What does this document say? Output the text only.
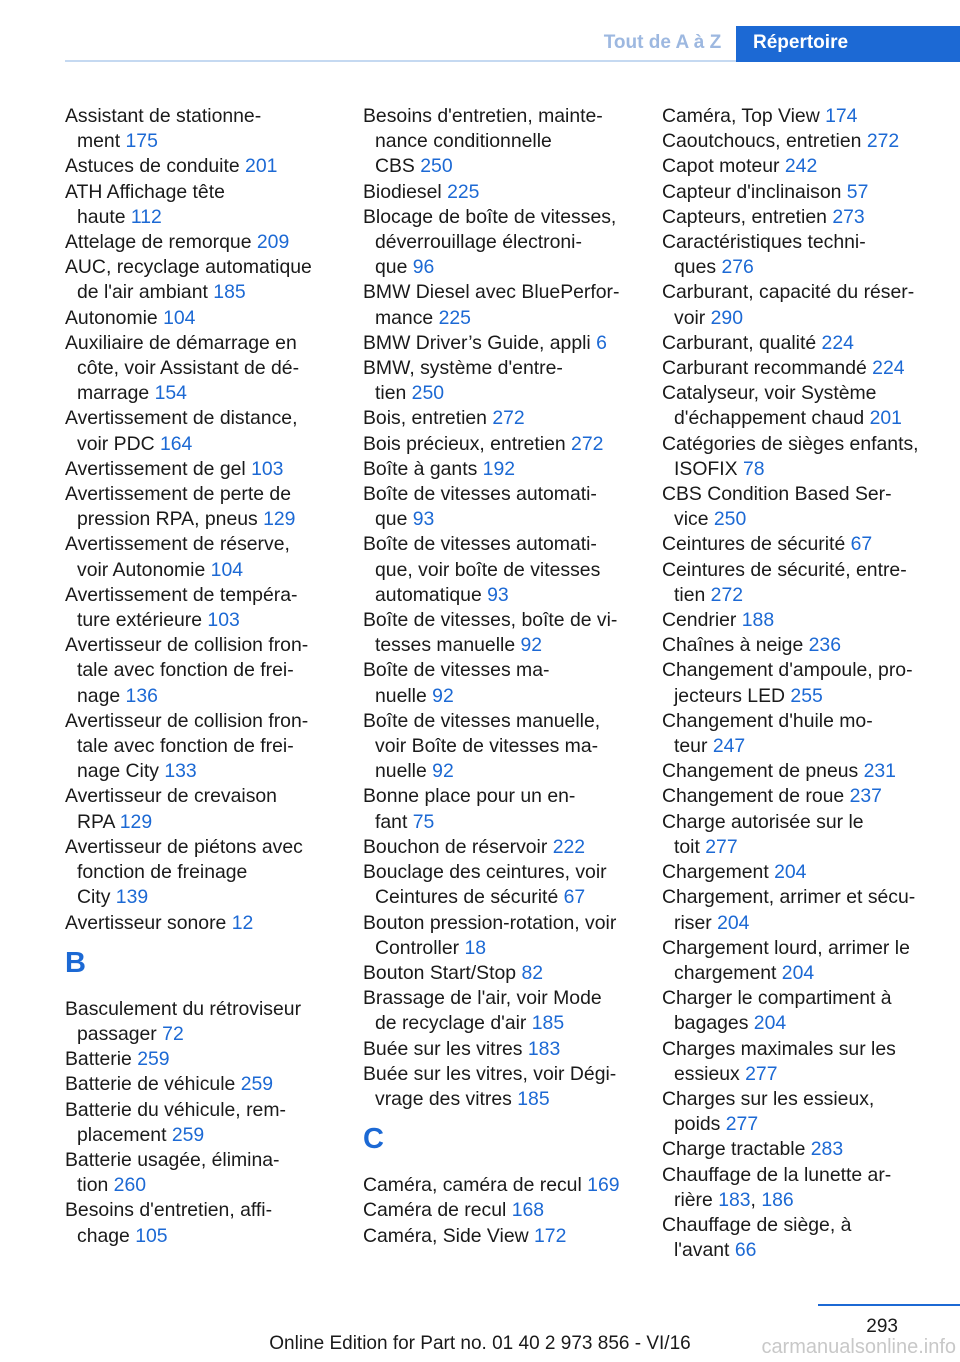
Tout de A à Z	Répertoire
Assistant de stationne-
ment 175
Astuces de conduite 201
ATH Affichage tête
haute 112
Attelage de remorque 209
AUC, recyclage automatique
de l'air ambiant 185
Autonomie 104
Auxiliaire de démarrage en
côte, voir Assistant de dé-
marrage 154
Avertissement de distance,
voir PDC 164
Avertissement de gel 103
Avertissement de perte de
pression RPA, pneus 129
Avertissement de réserve,
voir Autonomie 104
Avertissement de tempéra-
ture extérieure 103
Avertisseur de collision fron-
tale avec fonction de frei-
nage 136
Avertisseur de collision fron-
tale avec fonction de frei-
nage City 133
Avertisseur de crevaison
RPA 129
Avertisseur de piétons avec
fonction de freinage
City 139
Avertisseur sonore 12
B
Basculement du rétroviseur
passager 72
Batterie 259
Batterie de véhicule 259
Batterie du véhicule, rem-
placement 259
Batterie usagée, élimina-
tion 260
Besoins d'entretien, affi-
chage 105
Besoins d'entretien, mainte-
nance conditionnelle
CBS 250
Biodiesel 225
Blocage de boîte de vitesses,
déverrouillage électroni-
que 96
BMW Diesel avec BluePerfor-
mance 225
BMW Driver’s Guide, appli 6
BMW, système d'entre-
tien 250
Bois, entretien 272
Bois précieux, entretien 272
Boîte à gants 192
Boîte de vitesses automati-
que 93
Boîte de vitesses automati-
que, voir boîte de vitesses
automatique 93
Boîte de vitesses, boîte de vi-
tesses manuelle 92
Boîte de vitesses ma-
nuelle 92
Boîte de vitesses manuelle,
voir Boîte de vitesses ma-
nuelle 92
Bonne place pour un en-
fant 75
Bouchon de réservoir 222
Bouclage des ceintures, voir
Ceintures de sécurité 67
Bouton pression-rotation, voir
Controller 18
Bouton Start/Stop 82
Brassage de l'air, voir Mode
de recyclage d'air 185
Buée sur les vitres 183
Buée sur les vitres, voir Dégi-
vrage des vitres 185
C
Caméra, caméra de recul 169
Caméra de recul 168
Caméra, Side View 172
Caméra, Top View 174
Caoutchoucs, entretien 272
Capot moteur 242
Capteur d'inclinaison 57
Capteurs, entretien 273
Caractéristiques techni-
ques 276
Carburant, capacité du réser-
voir 290
Carburant, qualité 224
Carburant recommandé 224
Catalyseur, voir Système
d'échappement chaud 201
Catégories de sièges enfants,
ISOFIX 78
CBS Condition Based Ser-
vice 250
Ceintures de sécurité 67
Ceintures de sécurité, entre-
tien 272
Cendrier 188
Chaînes à neige 236
Changement d'ampoule, pro-
jecteurs LED 255
Changement d'huile mo-
teur 247
Changement de pneus 231
Changement de roue 237
Charge autorisée sur le
toit 277
Chargement 204
Chargement, arrimer et sécu-
riser 204
Chargement lourd, arrimer le
chargement 204
Charger le compartiment à
bagages 204
Charges maximales sur les
essieux 277
Charges sur les essieux,
poids 277
Charge tractable 283
Chauffage de la lunette ar-
rière 183, 186
Chauffage de siège, à
l'avant 66
293
Online Edition for Part no. 01 40 2 973 856 - VI/16	carmanualsonline.info
